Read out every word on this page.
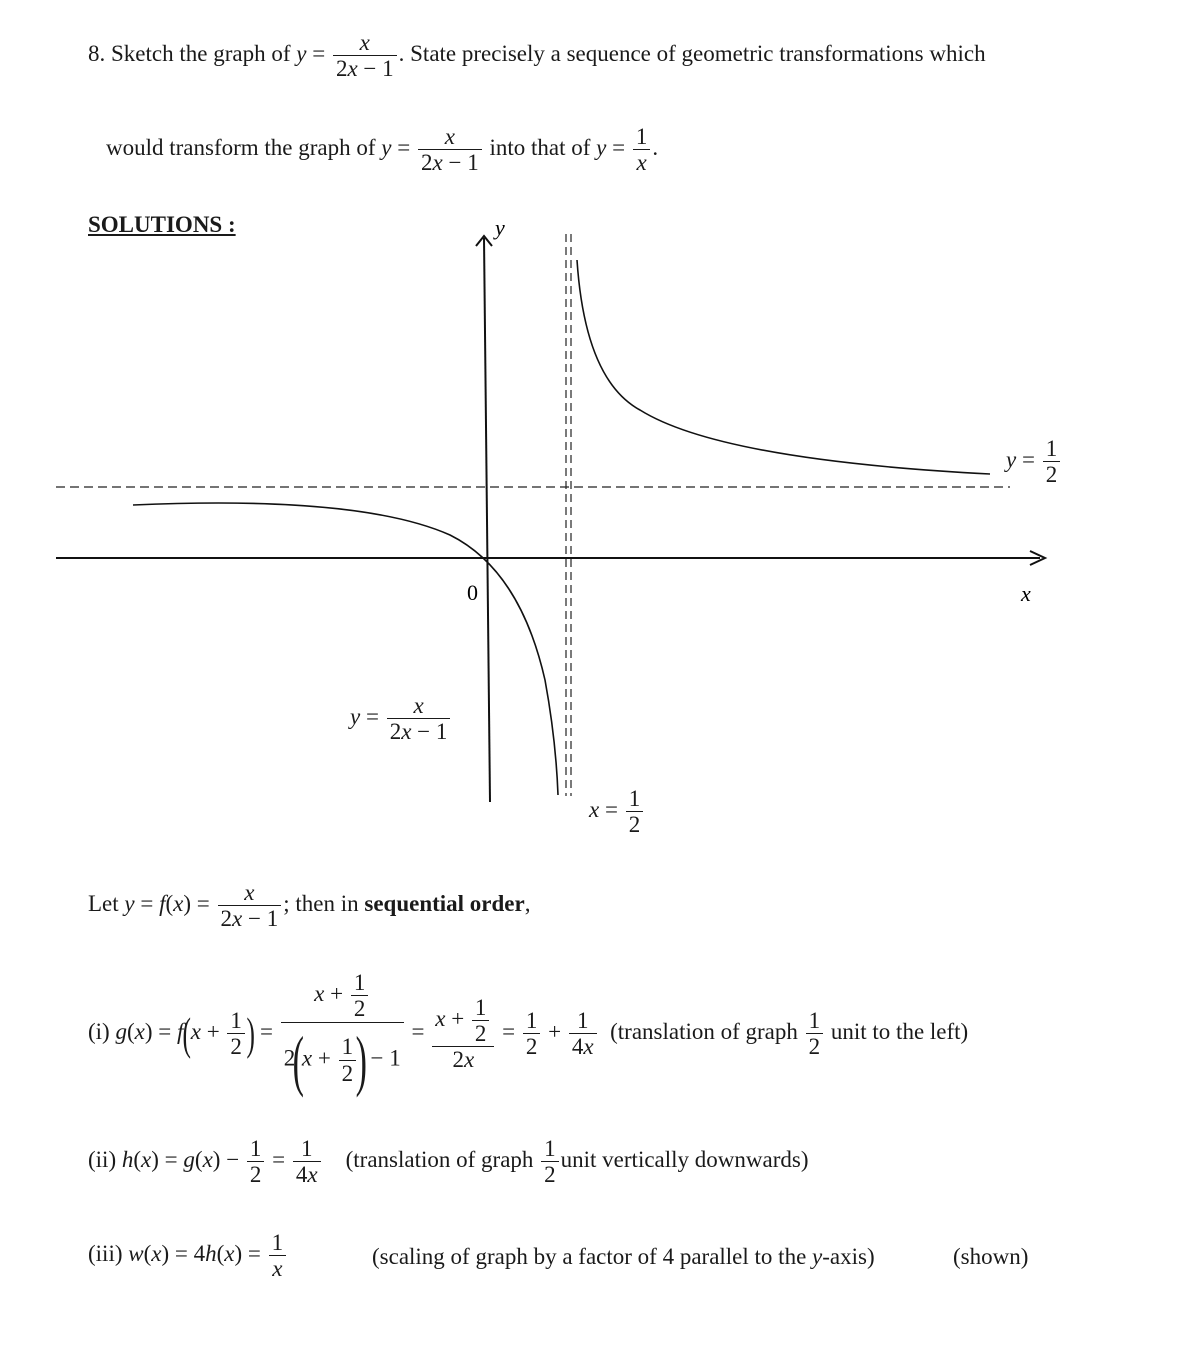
8. Sketch the graph of $y = \frac{x}{2x - 1}$ . State precisely a sequence of geometric transformations which
would transform the graph of $y = \frac{x}{2x - 1}$ into that of $y = \frac{1}{x}$ .
SOLUTIONS :	y
x
0
$y = \frac{1}{2}$
$x = \frac{1}{2}$
$y = \frac{x}{2x - 1}$
Let $y = f(x) = \frac{x}{2x - 1}$ ; then in sequential order,
(i) $g(x) = f(x + \frac{1}{2}$ ) = $\frac{x + \frac{1}{2}}{2(x + \frac{1}{2} ) - 1} = \frac{x + \frac{1}{2}}{2x} = \frac{1}{2} + \frac{1}{4x}$ (translation of graph $\frac{1}{2}$ unit to the left)
(ii) $h(x) = g(x) - \frac{1}{2} = \frac{1}{4x}$ (translation of graph $\frac{1}{2}$ unit vertically downwards)
(iii) $w(x) = 4h(x) = \frac{1}{x}$	(scaling of graph by a factor of 4 parallel to the y-axis)	(shown)
